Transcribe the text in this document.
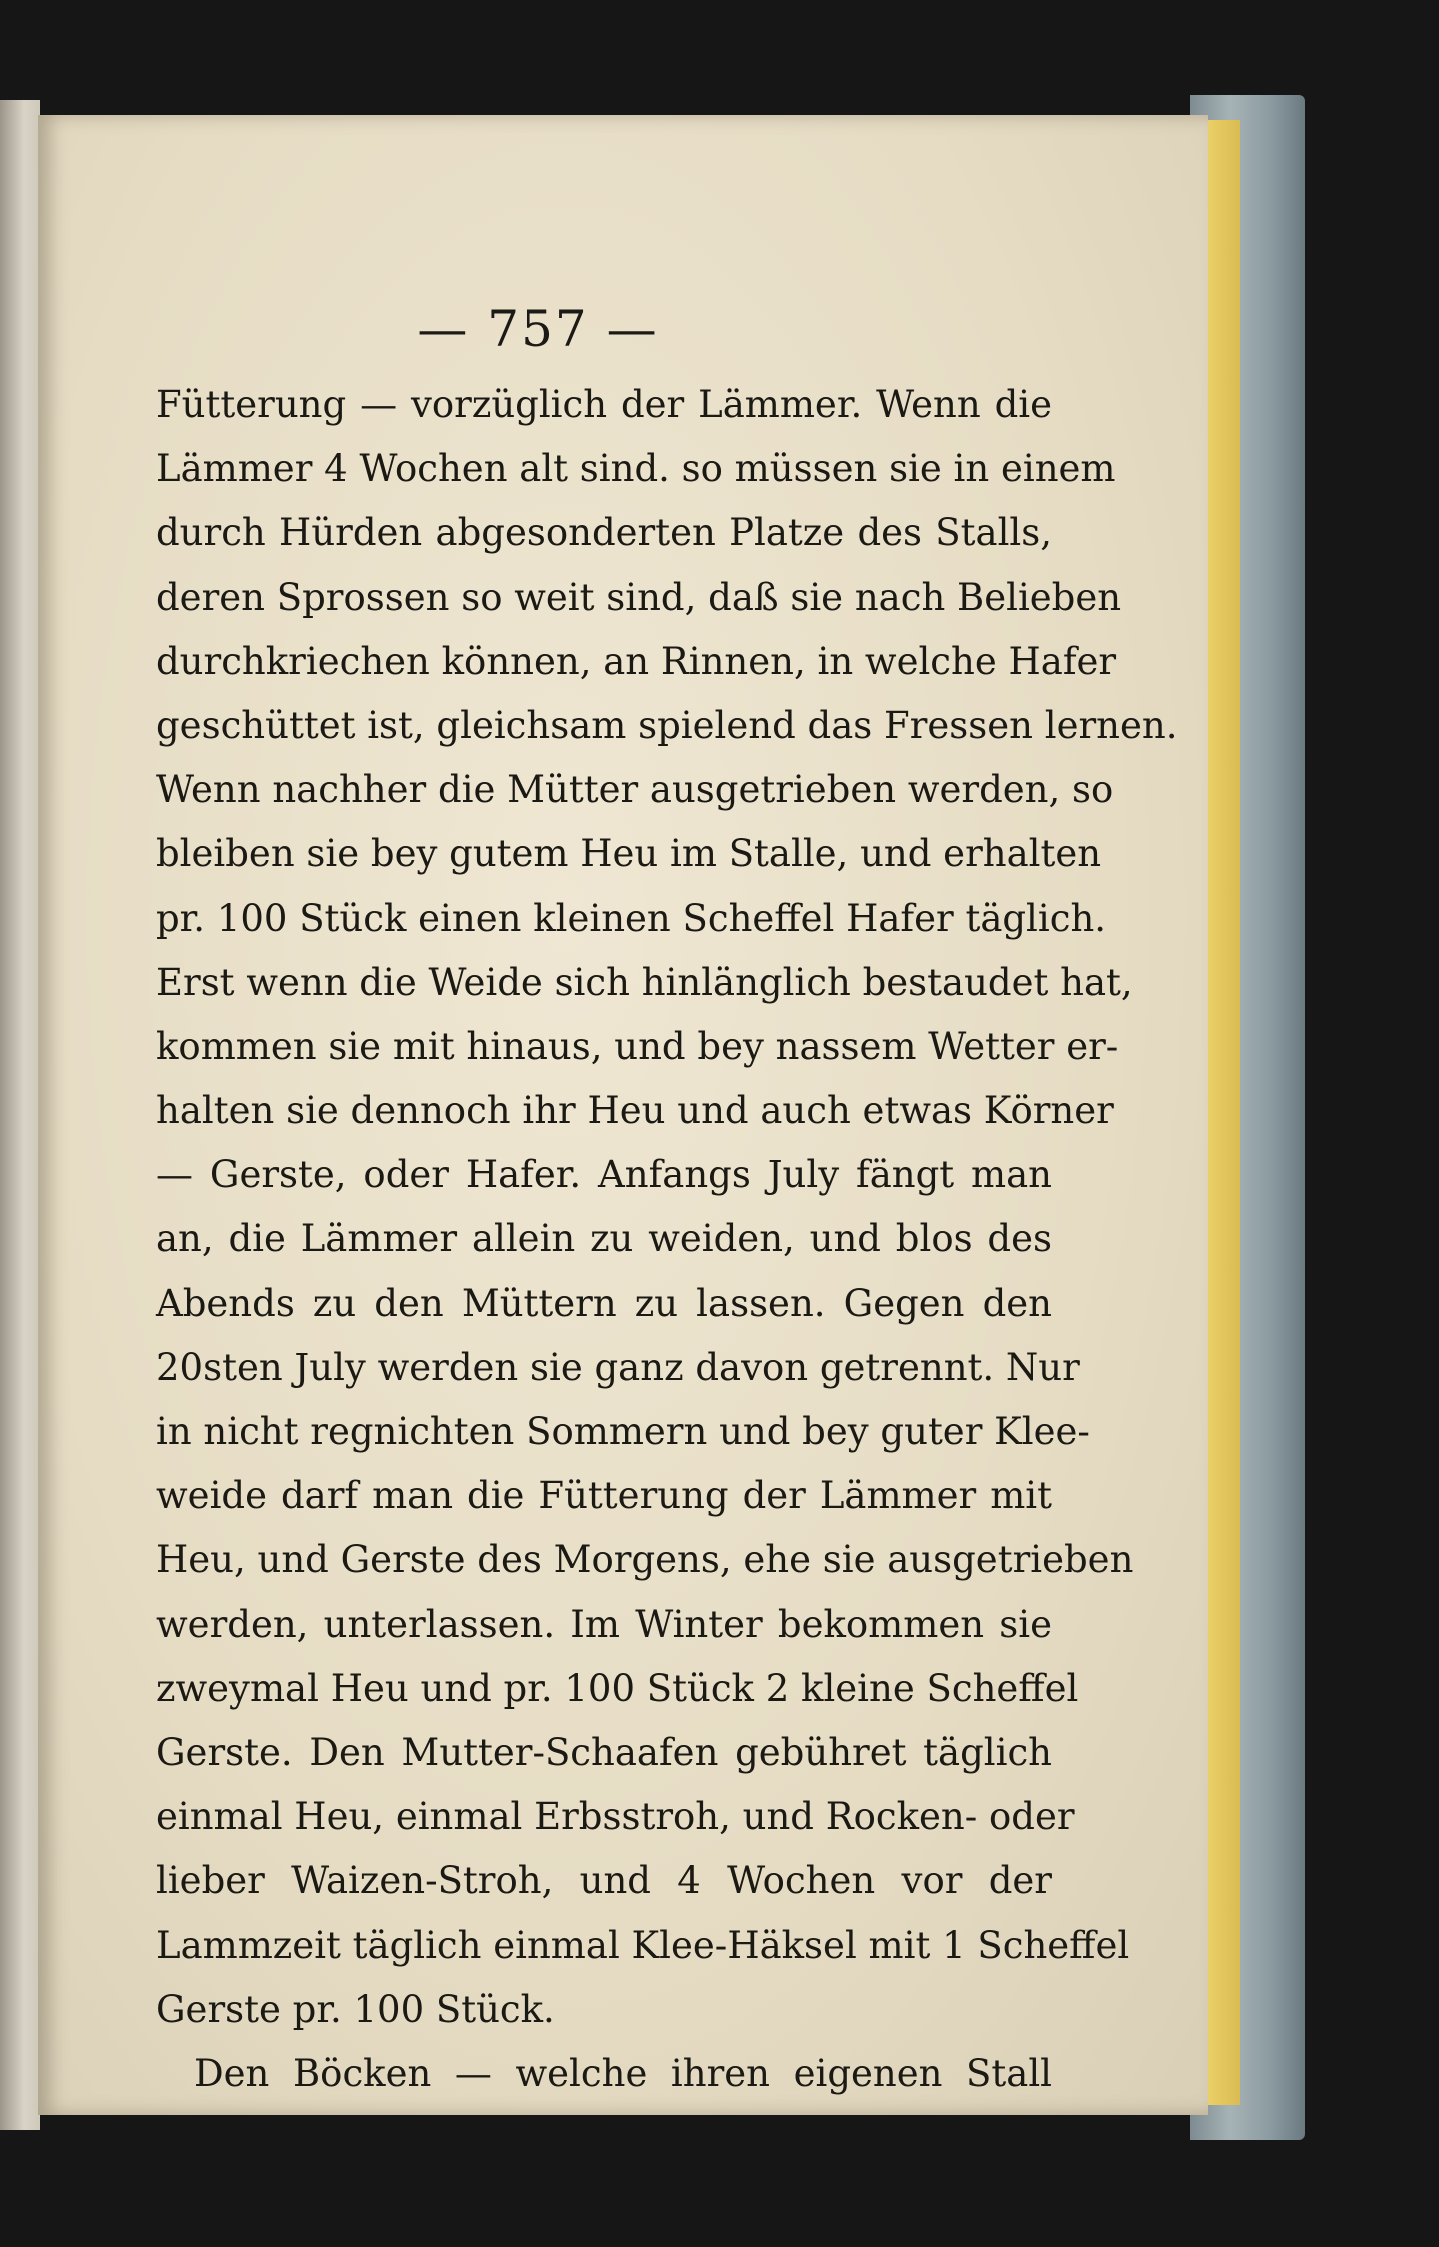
— 757 —
Fütterung — vorzüglich der Lämmer. Wenn die
Lämmer 4 Wochen alt sind. so müssen sie in einem
durch Hürden abgesonderten Platze des Stalls,
deren Sprossen so weit sind, daß sie nach Belieben
durchkriechen können, an Rinnen, in welche Hafer
geschüttet ist, gleichsam spielend das Fressen lernen.
Wenn nachher die Mütter ausgetrieben werden, so
bleiben sie bey gutem Heu im Stalle, und erhalten
pr. 100 Stück einen kleinen Scheffel Hafer täglich.
Erst wenn die Weide sich hinlänglich bestaudet hat,
kommen sie mit hinaus, und bey nassem Wetter er-
halten sie dennoch ihr Heu und auch etwas Körner
— Gerste, oder Hafer. Anfangs July fängt man
an, die Lämmer allein zu weiden, und blos des
Abends zu den Müttern zu lassen. Gegen den
20sten July werden sie ganz davon getrennt. Nur
in nicht regnichten Sommern und bey guter Klee-
weide darf man die Fütterung der Lämmer mit
Heu, und Gerste des Morgens, ehe sie ausgetrieben
werden, unterlassen. Im Winter bekommen sie
zweymal Heu und pr. 100 Stück 2 kleine Scheffel
Gerste. Den Mutter-Schaafen gebühret täglich
einmal Heu, einmal Erbsstroh, und Rocken- oder
lieber Waizen-Stroh, und 4 Wochen vor der
Lammzeit täglich einmal Klee-Häksel mit 1 Scheffel
Gerste pr. 100 Stück.
Den Böcken — welche ihren eigenen Stall
